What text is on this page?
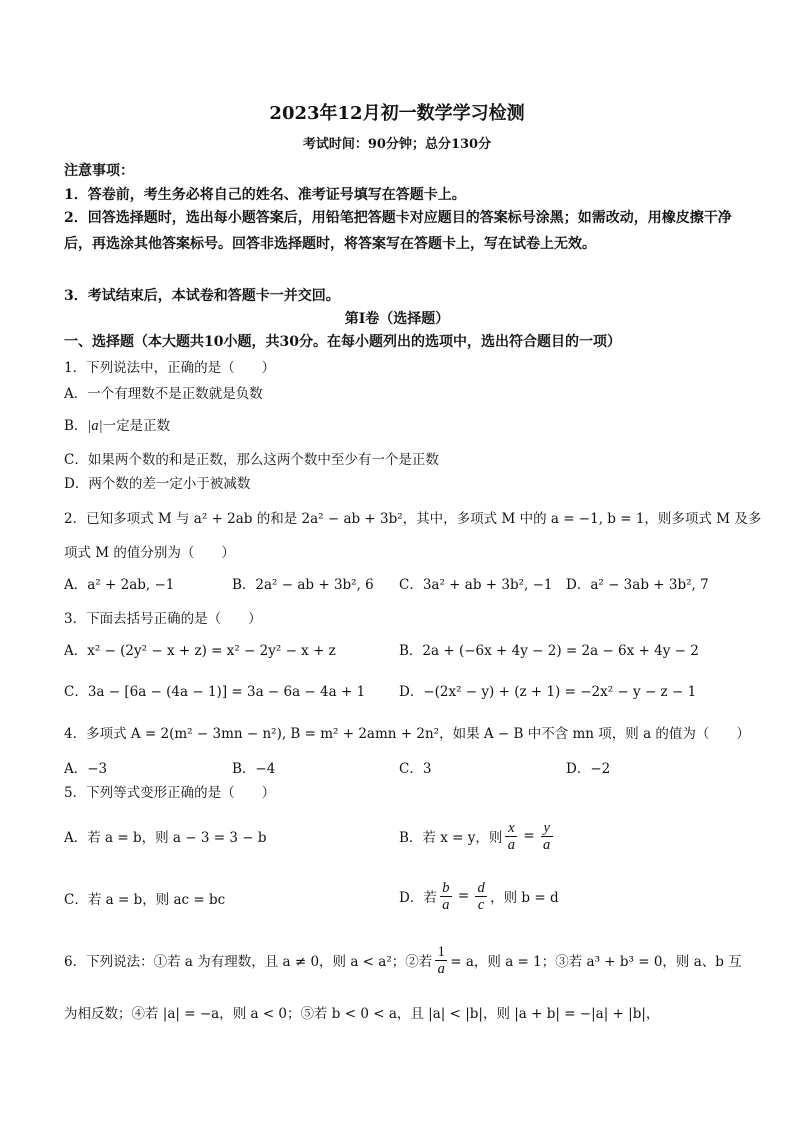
2023年12月初一数学学习检测
考试时间：90分钟；总分130分
注意事项：
1．答卷前，考生务必将自己的姓名、准考证号填写在答题卡上。
2．回答选择题时，选出每小题答案后，用铅笔把答题卡对应题目的答案标号涂黑；如需改动，用橡皮擦干净后，再选涂其他答案标号。回答非选择题时，将答案写在答题卡上，写在试卷上无效。
3．考试结束后，本试卷和答题卡一并交回。
第Ⅰ卷（选择题）
一、选择题（本大题共10小题，共30分。在每小题列出的选项中，选出符合题目的一项）
1．下列说法中，正确的是（　　）
A．一个有理数不是正数就是负数
B．|a|一定是正数
C．如果两个数的和是正数，那么这两个数中至少有一个是正数
D．两个数的差一定小于被减数
2．已知多项式 M 与 a² + 2ab 的和是 2a² − ab + 3b²，其中，多项式 M 中的 a = −1, b = 1，则多项式 M 及多
项式 M 的值分别为（　　）
A．a² + 2ab, −1	B．2a² − ab + 3b², 6 C．3a² + ab + 3b², −1 D．a² − 3ab + 3b², 7
3．下面去括号正确的是（　　）
A．x² − (2y² − x + z) = x² − 2y² − x + z	B．2a + (−6x + 4y − 2) = 2a − 6x + 4y − 2
C．3a − [6a − (4a − 1)] = 3a − 6a − 4a + 1	D．−(2x² − y) + (z + 1) = −2x² − y − z − 1
4．多项式 A = 2(m² − 3mn − n²), B = m² + 2amn + 2n²，如果 A − B 中不含 mn 项，则 a 的值为（　　）
A．−3	B．−4	C．3	D．−2
5．下列等式变形正确的是（　　）
A．若 a = b，则 a − 3 = 3 − b	B．若 x = y，则
x
a
=
y
a
C．若 a = b，则 ac = bc	D．若
b
a
=
d
c ，则 b = d
6．下列说法：①若 a 为有理数，且 a ≠ 0，则 a < a²；②若
1
a = a，则 a = 1；③若 a³ + b³ = 0，则 a、b 互
为相反数；④若 |a| = −a，则 a < 0；⑤若 b < 0 < a，且 |a| < |b|，则 |a + b| = −|a| + |b|，
